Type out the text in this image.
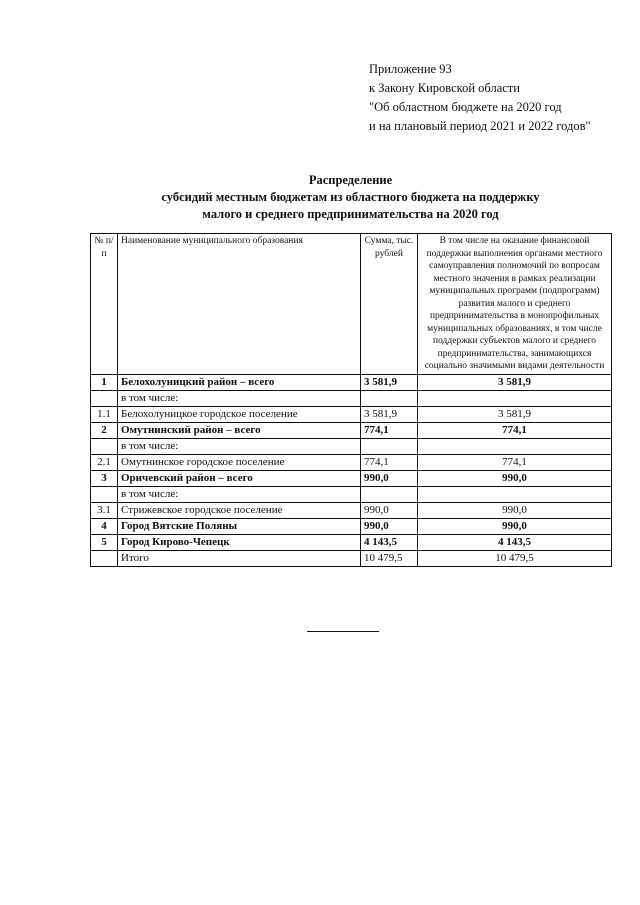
Приложение 93
к Закону Кировской области
"Об областном бюджете на 2020 год
и на плановый период 2021 и 2022 годов"
Распределение
субсидий местным бюджетам из областного бюджета на поддержку
малого и среднего предпринимательства на 2020 год
№ п/п	Наименование муниципального образования	Сумма, тыс. рублей	В том числе на оказание финансовой поддержки выполнения органами местного самоуправления полномочий по вопросам местного значения в рамках реализации муниципальных программ (подпрограмм) развития малого и среднего предпринимательства в монопрофильных муниципальных образованиях, в том числе поддержки субъектов малого и среднего предпринимательства, занимающихся социально значимыми видами деятельности
1	Белохолуницкий район – всего	3 581,9	3 581,9
	в том числе:		
1.1	Белохолуницкое городское поселение	3 581,9	3 581,9
2	Омутнинский район – всего	774,1	774,1
	в том числе:		
2.1	Омутнинское городское поселение	774,1	774,1
3	Оричевский район – всего	990,0	990,0
	в том числе:		
3.1	Стрижевское городское поселение	990,0	990,0
4	Город Вятские Поляны	990,0	990,0
5	Город Кирово-Чепецк	4 143,5	4 143,5
	Итого	10 479,5	10 479,5
